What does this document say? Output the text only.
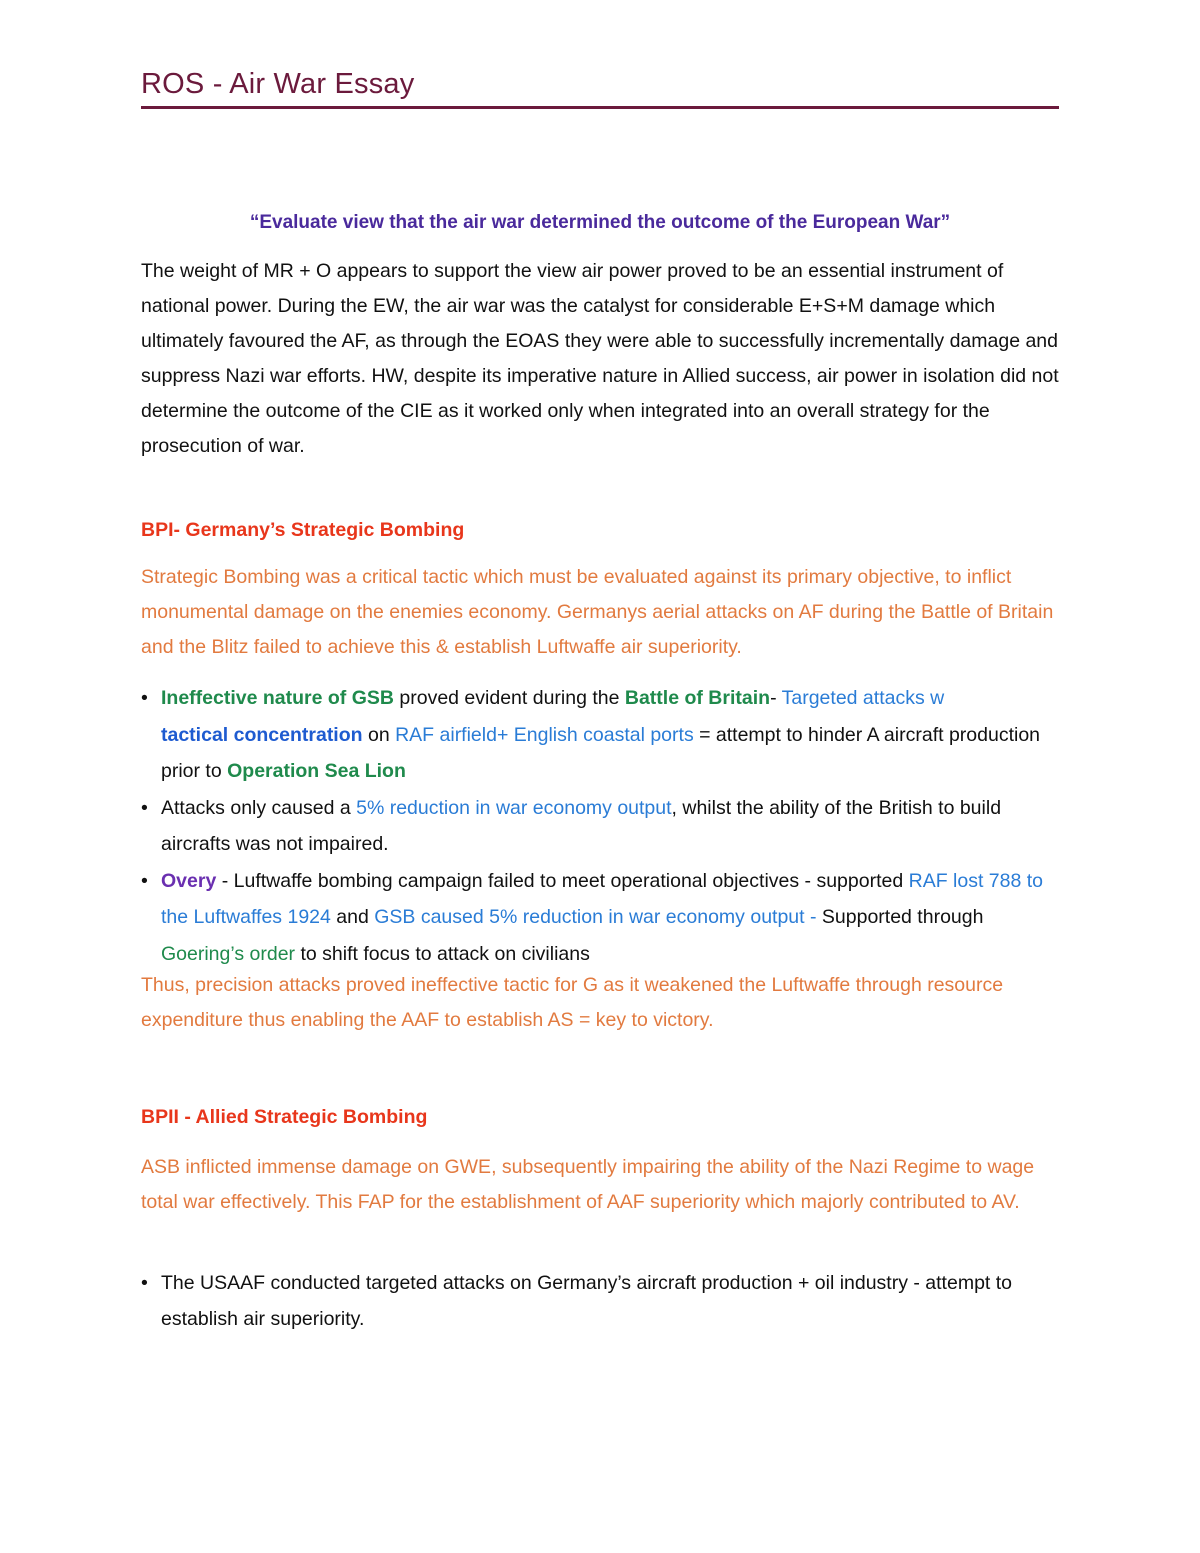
ROS - Air War Essay
“Evaluate view that the air war determined the outcome of the European War”

The weight of MR + O appears to support the view air power proved to be an essential instrument of national power. During the EW, the air war was the catalyst for considerable E+S+M damage which ultimately favoured the AF, as through the EOAS they were able to successfully incrementally damage and suppress Nazi war efforts. HW, despite its imperative nature in Allied success, air power in isolation did not determine the outcome of the CIE as it worked only when integrated into an overall strategy for the prosecution of war.

BPI- Germany’s Strategic Bombing

Strategic Bombing was a critical tactic which must be evaluated against its primary objective, to inflict monumental damage on the enemies economy. Germanys aerial attacks on AF during the Battle of Britain and the Blitz failed to achieve this & establish Luftwaffe air superiority.

• Ineffective nature of GSB proved evident during the Battle of Britain- Targeted attacks w
tactical concentration on RAF airfield+ English coastal ports = attempt to hinder A aircraft production prior to Operation Sea Lion
• Attacks only caused a 5% reduction in war economy output, whilst the ability of the British to build aircrafts was not impaired.
• Overy - Luftwaffe bombing campaign failed to meet operational objectives - supported RAF lost 788 to the Luftwaffes 1924 and GSB caused 5% reduction in war economy output - Supported through Goering’s order to shift focus to attack on civilians

Thus, precision attacks proved ineffective tactic for G as it weakened the Luftwaffe through resource expenditure thus enabling the AAF to establish AS = key to victory.

BPII - Allied Strategic Bombing

ASB inflicted immense damage on GWE, subsequently impairing the ability of the Nazi Regime to wage total war effectively. This FAP for the establishment of AAF superiority which majorly contributed to AV.

• The USAAF conducted targeted attacks on Germany’s aircraft production + oil industry - attempt to establish air superiority.
